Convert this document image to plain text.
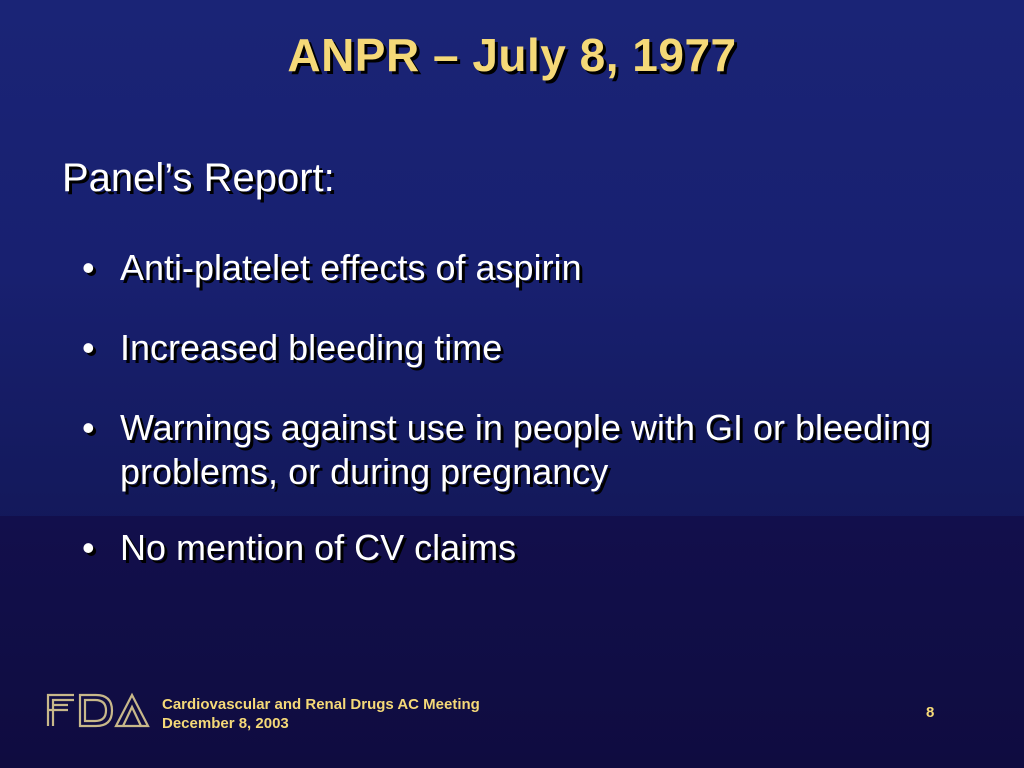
ANPR – July 8, 1977
Panel’s Report:
• Anti-platelet effects of aspirin
• Increased bleeding time
• Warnings against use in people with GI or bleeding problems, or during pregnancy
• No mention of CV claims
Cardiovascular and Renal Drugs AC Meeting
December 8, 2003
8
